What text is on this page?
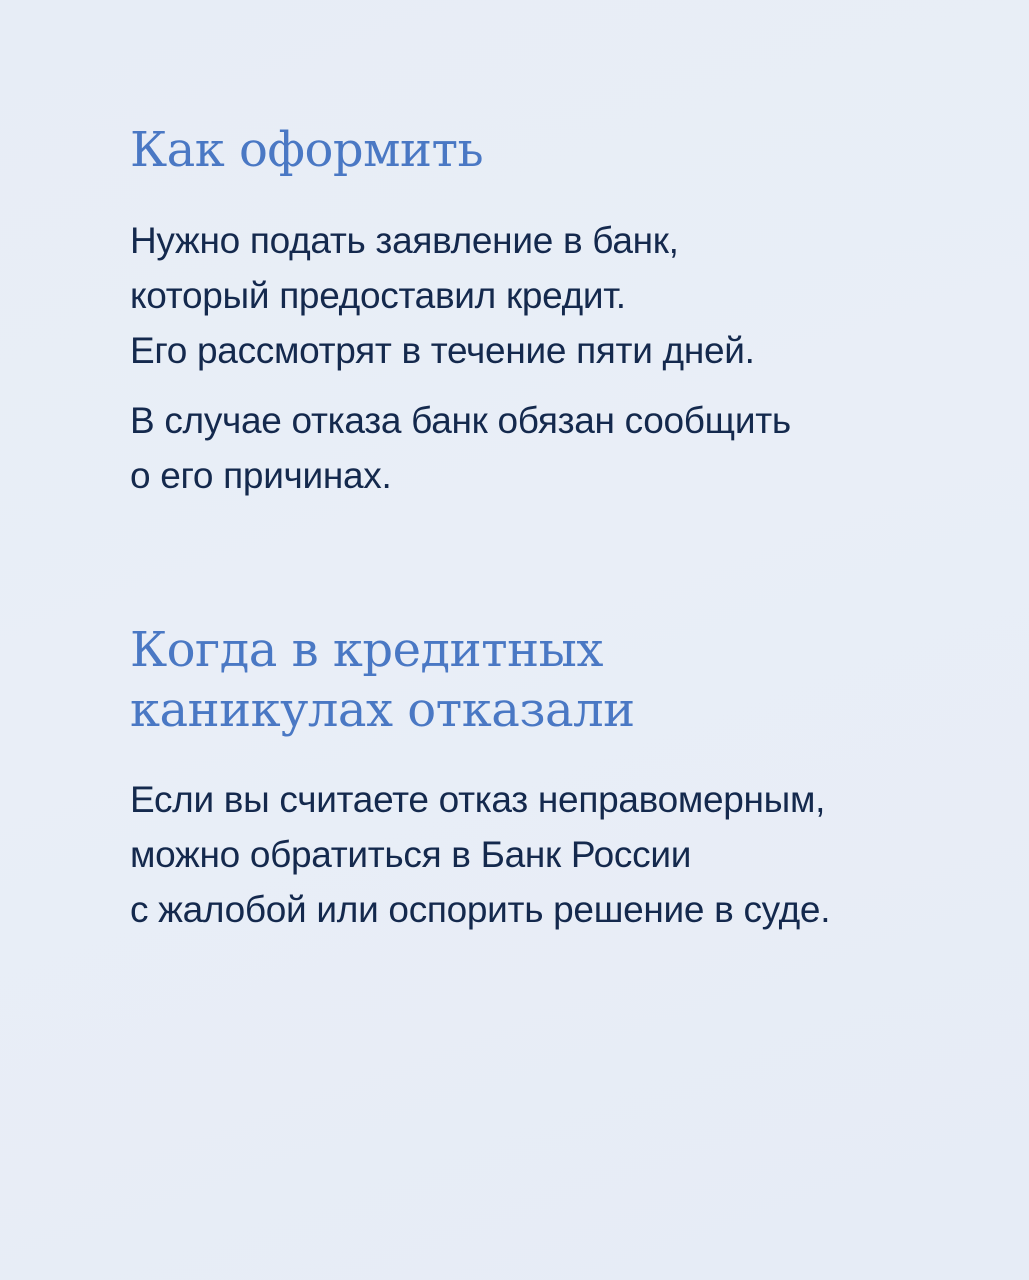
Как оформить

Нужно подать заявление в банк,
который предоставил кредит.
Его рассмотрят в течение пяти дней.

В случае отказа банк обязан сообщить
о его причинах.

Когда в кредитных
каникулах отказали

Если вы считаете отказ неправомерным,
можно обратиться в Банк России
с жалобой или оспорить решение в суде.
